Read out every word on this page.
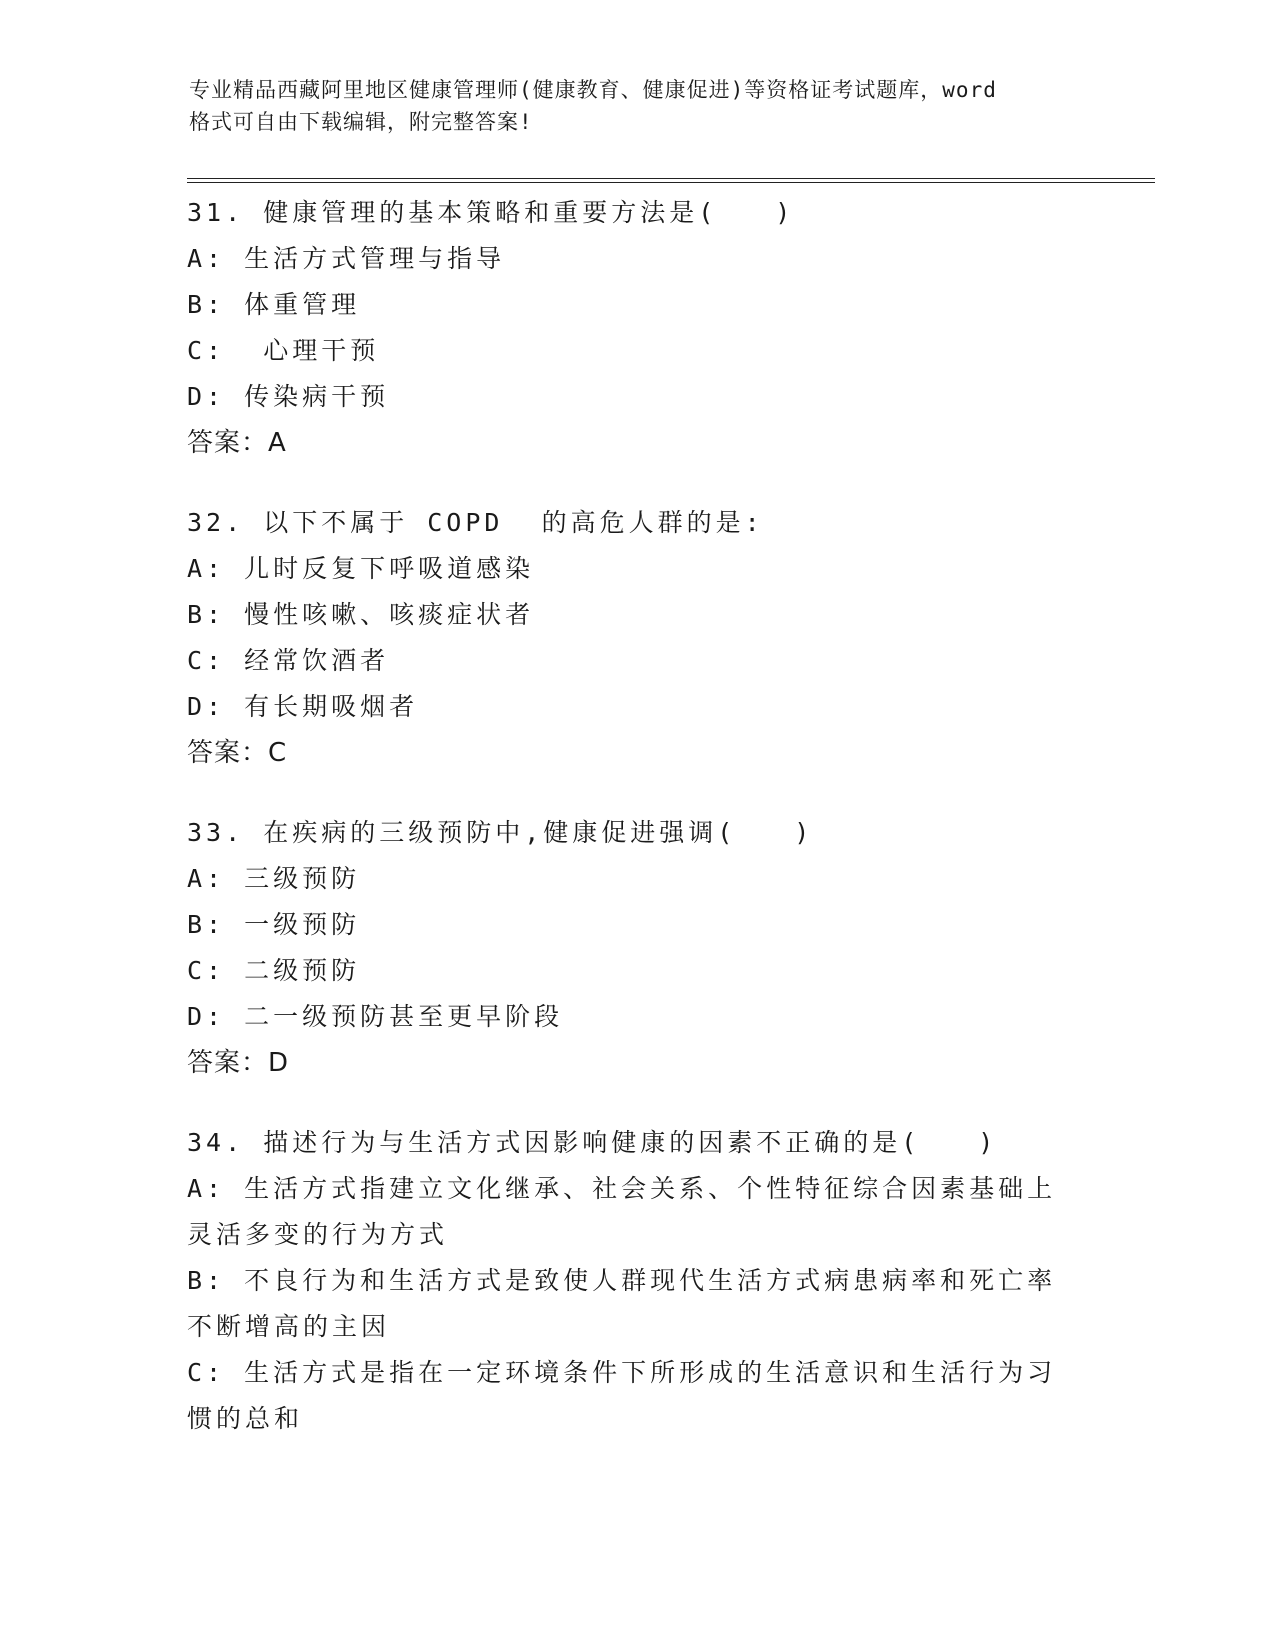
专业精品西藏阿里地区健康管理师(健康教育、健康促进)等资格证考试题库，word
格式可自由下载编辑，附完整答案!
31. 健康管理的基本策略和重要方法是(　　)
A: 生活方式管理与指导
B: 体重管理
C:  心理干预
D: 传染病干预
答案：A
32. 以下不属于 COPD  的高危人群的是:
A: 儿时反复下呼吸道感染
B: 慢性咳嗽、咳痰症状者
C: 经常饮酒者
D: 有长期吸烟者
答案：C
33. 在疾病的三级预防中,健康促进强调(　　)
A: 三级预防
B: 一级预防
C: 二级预防
D: 二一级预防甚至更早阶段
答案：D
34. 描述行为与生活方式因影响健康的因素不正确的是(　　)
A: 生活方式指建立文化继承、社会关系、个性特征综合因素基础上灵活多变的行为方式
B: 不良行为和生活方式是致使人群现代生活方式病患病率和死亡率不断增高的主因
C: 生活方式是指在一定环境条件下所形成的生活意识和生活行为习惯的总和
